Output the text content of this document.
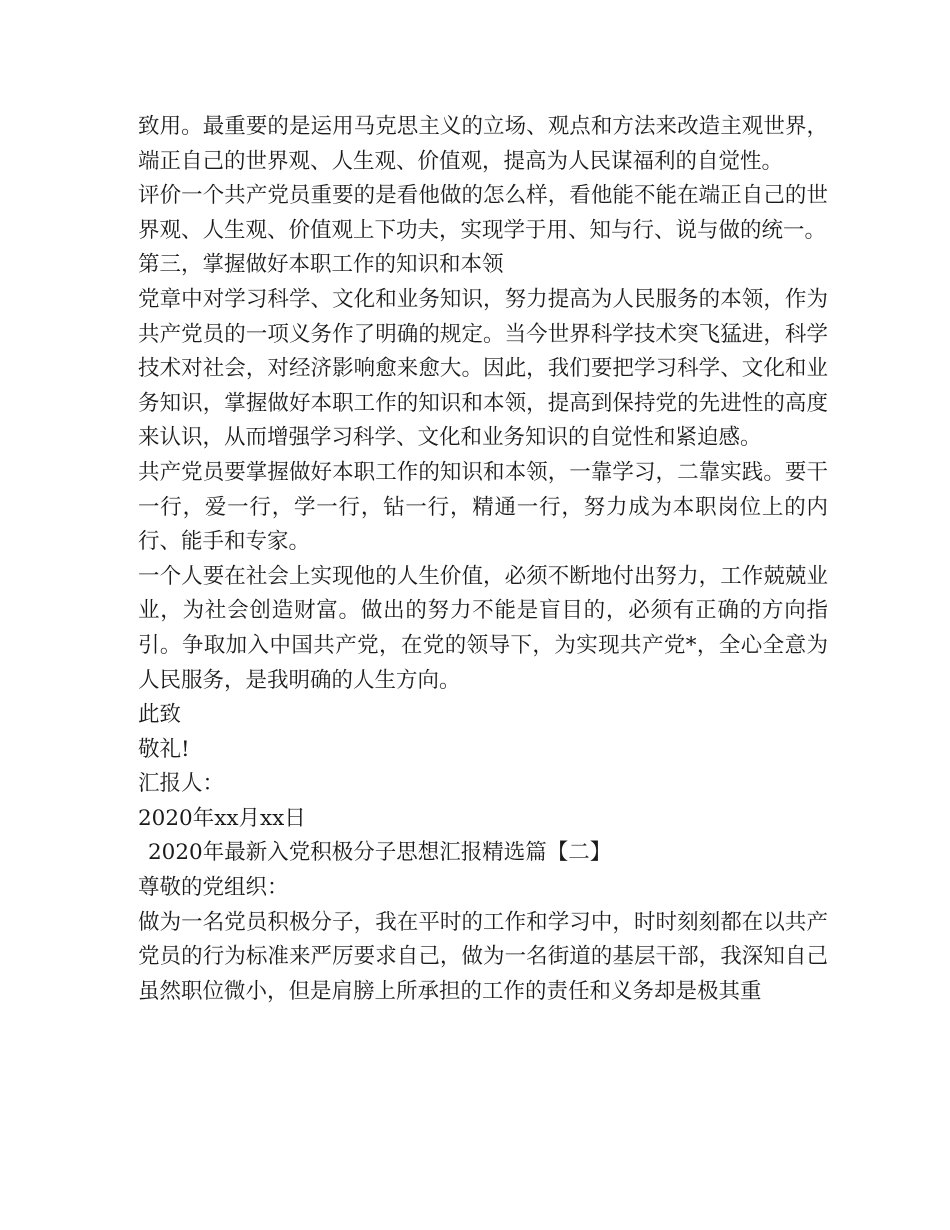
致用。最重要的是运用马克思主义的立场、观点和方法来改造主观世界，端正自己的世界观、人生观、价值观，提高为人民谋福利的自觉性。

评价一个共产党员重要的是看他做的怎么样，看他能不能在端正自己的世界观、人生观、价值观上下功夫，实现学于用、知与行、说与做的统一。

第三，掌握做好本职工作的知识和本领

党章中对学习科学、文化和业务知识，努力提高为人民服务的本领，作为共产党员的一项义务作了明确的规定。当今世界科学技术突飞猛进，科学技术对社会，对经济影响愈来愈大。因此，我们要把学习科学、文化和业务知识，掌握做好本职工作的知识和本领，提高到保持党的先进性的高度来认识，从而增强学习科学、文化和业务知识的自觉性和紧迫感。

共产党员要掌握做好本职工作的知识和本领，一靠学习，二靠实践。要干一行，爱一行，学一行，钻一行，精通一行，努力成为本职岗位上的内行、能手和专家。

一个人要在社会上实现他的人生价值，必须不断地付出努力，工作兢兢业业，为社会创造财富。做出的努力不能是盲目的，必须有正确的方向指引。争取加入中国共产党，在党的领导下，为实现共产党*，全心全意为人民服务，是我明确的人生方向。

此致

敬礼!

汇报人：

2020年xx月xx日

2020年最新入党积极分子思想汇报精选篇【二】

尊敬的党组织：

做为一名党员积极分子，我在平时的工作和学习中，时时刻刻都在以共产党员的行为标准来严厉要求自己，做为一名街道的基层干部，我深知自己虽然职位微小，但是肩膀上所承担的工作的责任和义务却是极其重
